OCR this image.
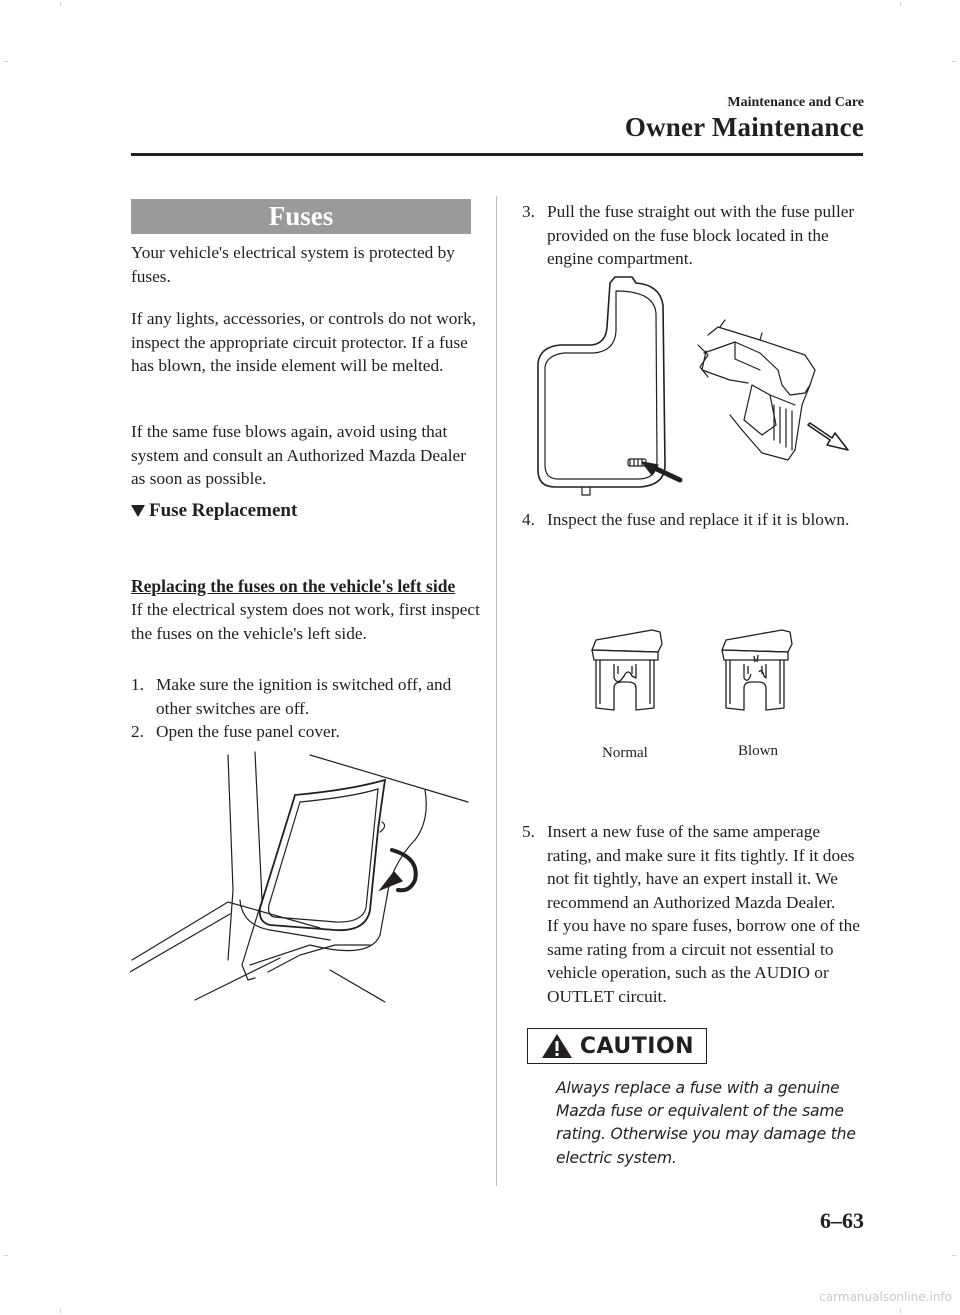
Maintenance and Care
Owner Maintenance
Fuses
Your vehicle's electrical system is protected by fuses.
If any lights, accessories, or controls do not work, inspect the appropriate circuit protector. If a fuse has blown, the inside element will be melted.
If the same fuse blows again, avoid using that system and consult an Authorized Mazda Dealer as soon as possible.
Fuse Replacement
Replacing the fuses on the vehicle's left side
If the electrical system does not work, first inspect the fuses on the vehicle's left side.
1. Make sure the ignition is switched off, and other switches are off.
2. Open the fuse panel cover.
3. Pull the fuse straight out with the fuse puller provided on the fuse block located in the engine compartment.
4. Inspect the fuse and replace it if it is blown.
Normal	Blown
5. Insert a new fuse of the same amperage rating, and make sure it fits tightly. If it does not fit tightly, have an expert install it. We recommend an Authorized Mazda Dealer.
If you have no spare fuses, borrow one of the same rating from a circuit not essential to vehicle operation, such as the AUDIO or OUTLET circuit.
CAUTION
Always replace a fuse with a genuine Mazda fuse or equivalent of the same rating. Otherwise you may damage the electric system.
6–63
carmanualsonline.info
